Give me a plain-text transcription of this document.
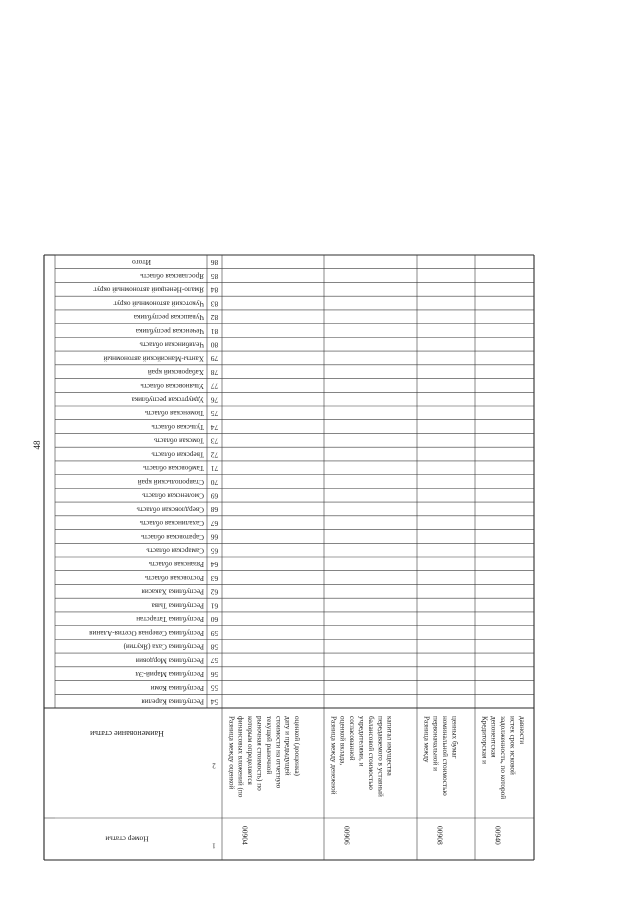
48
54
Республика Карелия
55
Республика Коми
56
Республика Марий-Эл
57
Республика Мордовия
58
Республика Саха (Якутия)
59
Республика Северная Осетия-Алания
60
Республика Татарстан
61
Республика Тыва
62
Республика Хакасия
63
Ростовская область
64
Рязанская область
65
Самарская область
66
Саратовская область
67
Сахалинская область
68
Свердловская область
69
Смоленская область
70
Ставропольский край
71
Тамбовская область
72
Тверская область
73
Томская область
74
Тульская область
75
Тюменская область
76
Удмуртская республика
77
Ульяновская область
78
Хабаровский край
79
Ханты-Мансийский автономный
80
Челябинская область
81
Чеченская республика
82
Чувашская республика
83
Чукотский автономный округ
84
Ямало-Ненецкий автономный округ
85
Ярославская область
86
Итого
Наименование статьи
Номер статьи
1
2 Разница между оценкой финансовых вложений (по которым определяется рыночная стоимость) по текущей рыночной стоимости на отчетную дату и предыдущей оценкой (дооценка)
00904
Разница между денежной оценкой вклада, согласованной учредителями, и балансовой стоимостью передаваемого в уставный капитал имущества
00906
Разница между первоначальной и номинальной стоимостью ценных бумаг
00908
Кредиторская и депонентская задолженность, по которой истек срок исковой давности
00940
